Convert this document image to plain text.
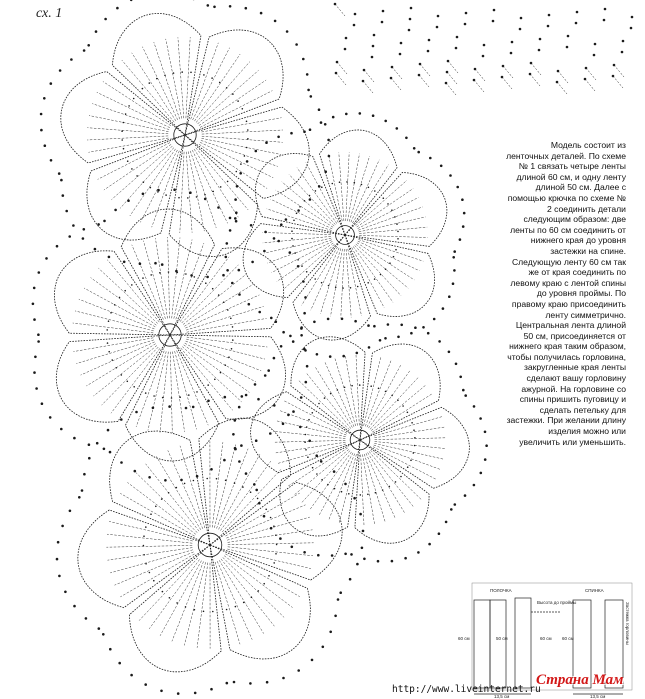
ПОЛОЧКА	СПИНКА
Высота до проймы	Застежка горловины
60 см	50 см	60 см 60 см
13,5 см	13,5 см
сх. 1

Модель состоит из ленточных деталей. По схеме № 1 связать четыре ленты длиной 60 см, и одну ленту длиной 50 см. Далее с помощью крючка по схеме № 2 соединить детали следующим образом: две ленты по 60 см соединить от нижнего края до уровня застежки на спине. Следующую ленту 60 см так же от края соединить по левому краю с лентой спины до уровня проймы. По правому краю присоединить ленту симметрично. Центральная лента длиной 50 см, присоединяется от нижнего края таким образом, чтобы получилась горловина, закругленные края ленты сделают вашу горловину ажурной. На горловине со спины пришить пуговицу и сделать петельку для застежки. При желании длину изделия можно или увеличить или уменьшить.

http://www.liveinternet.ru
Страна Мам
